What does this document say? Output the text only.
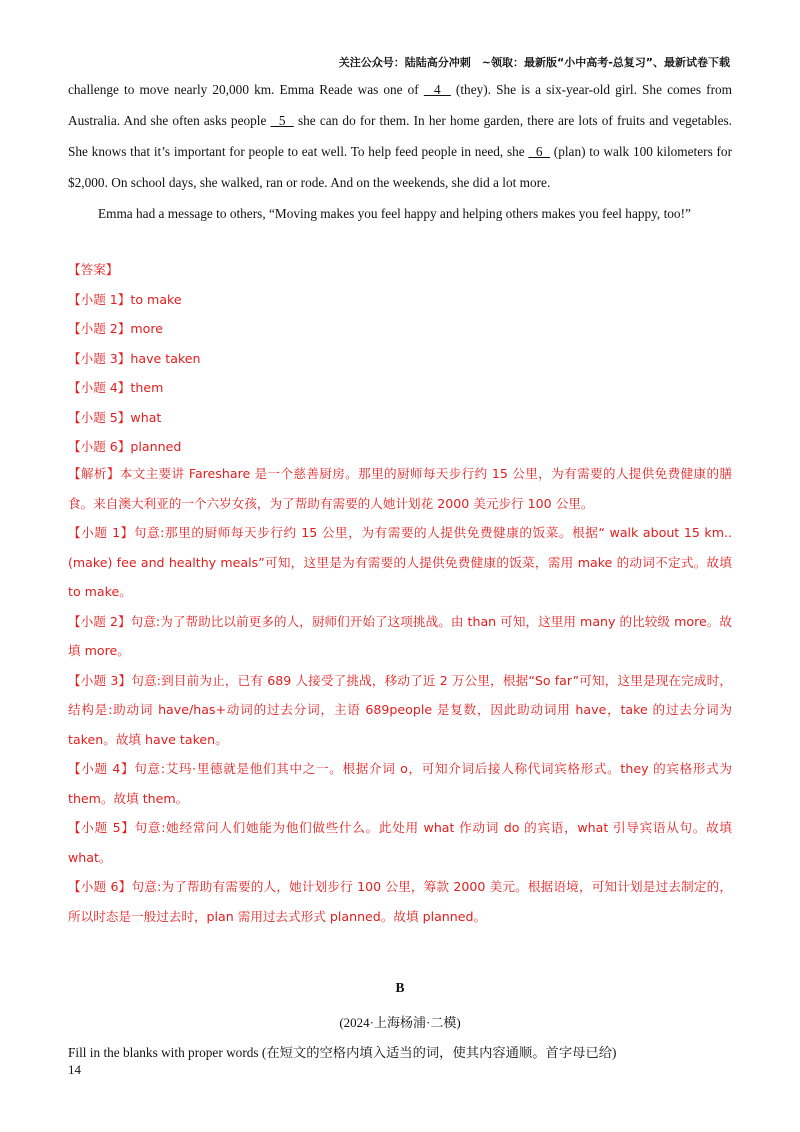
关注公众号：陆陆高分冲刺　~领取：最新版“小中高考-总复习”、最新试卷下载

challenge to move nearly 20,000 km. Emma Reade was one of   4   (they). She is a six-year-old girl. She comes from Australia. And she often asks people   5   she can do for them. In her home garden, there are lots of fruits and vegetables. She knows that it’s important for people to eat well. To help feed people in need, she   6   (plan) to walk 100 kilometers for $2,000. On school days, she walked, ran or rode. And on the weekends, she did a lot more.

Emma had a message to others, “Moving makes you feel happy and helping others makes you feel happy, too!”

【答案】
【小题 1】to make
【小题 2】more
【小题 3】have taken
【小题 4】them
【小题 5】what
【小题 6】planned

【解析】本文主要讲 Fareshare 是一个慈善厨房。那里的厨师每天步行约 15 公里，为有需要的人提供免费健康的膳食。来自澳大利亚的一个六岁女孩，为了帮助有需要的人她计划花 2000 美元步行 100 公里。

【小题 1】句意:那里的厨师每天步行约 15 公里，为有需要的人提供免费健康的饭菜。根据“ walk about 15 km..(make) fee and healthy meals”可知，这里是为有需要的人提供免费健康的饭菜，需用 make 的动词不定式。故填 to make。

【小题 2】句意:为了帮助比以前更多的人，厨师们开始了这项挑战。由 than 可知，这里用 many 的比较级 more。故填 more。

【小题 3】句意:到目前为止，已有 689 人接受了挑战，移动了近 2 万公里，根据“So far”可知，这里是现在完成时，结构是:助动词 have/has+动词的过去分词，主语 689people 是复数，因此助动词用 have，take 的过去分词为 taken。故填 have taken。

【小题 4】句意:艾玛·里德就是他们其中之一。根据介词 o，可知介词后接人称代词宾格形式。they 的宾格形式为 them。故填 them。

【小题 5】句意:她经常问人们她能为他们做些什么。此处用 what 作动词 do 的宾语，what 引导宾语从句。故填 what。

【小题 6】句意:为了帮助有需要的人，她计划步行 100 公里，筹款 2000 美元。根据语境，可知计划是过去制定的，所以时态是一般过去时，plan 需用过去式形式 planned。故填 planned。

B
(2024·上海杨浦·二模)
Fill in the blanks with proper words (在短文的空格内填入适当的词，使其内容通顺。首字母已给)
14
